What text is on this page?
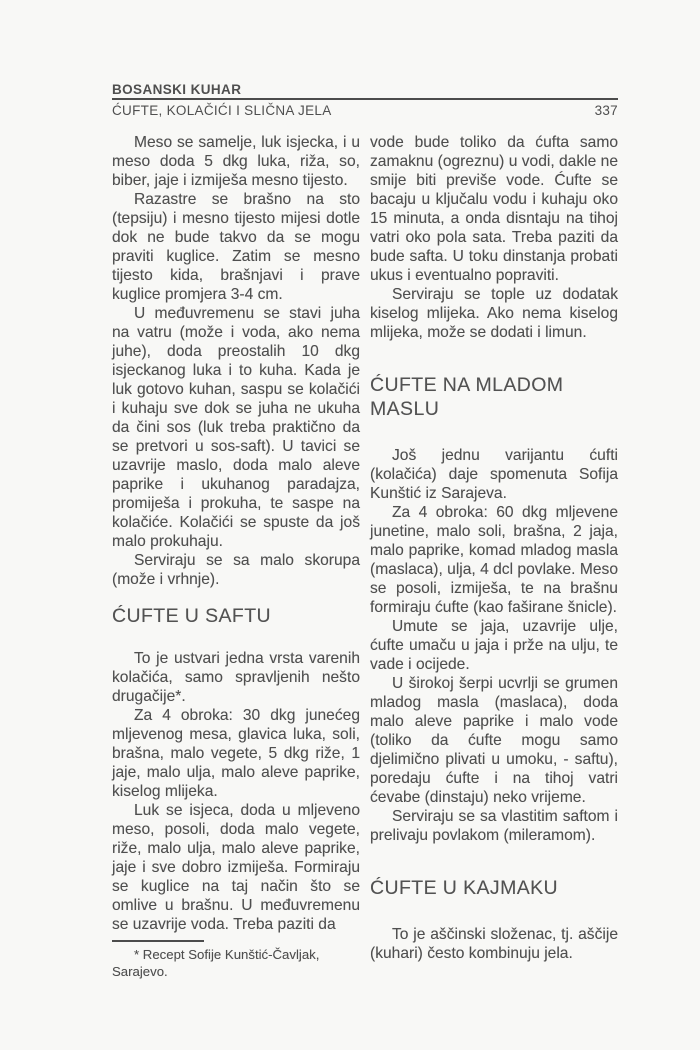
BOSANSKI KUHAR
ĆUFTE, KOLAČIĆI I SLIČNA JELA	337

Meso se samelje, luk isjecka, i u meso doda 5 dkg luka, riža, so, biber, jaje i izmiješa mesno tijesto.

Razastre se brašno na sto (tepsiju) i mesno tijesto mijesi dotle dok ne bude takvo da se mogu praviti kuglice. Zatim se mesno tijesto kida, brašnjavi i prave kuglice promjera 3-4 cm.

U međuvremenu se stavi juha na vatru (može i voda, ako nema juhe), doda preostalih 10 dkg isjeckanog luka i to kuha. Kada je luk gotovo kuhan, saspu se kolačići i kuhaju sve dok se juha ne ukuha da čini sos (luk treba praktično da se pretvori u sos-saft). U tavici se uzavrije maslo, doda malo aleve paprike i ukuhanog paradajza, promiješa i prokuha, te saspe na kolačiće. Kolačići se spuste da još malo prokuhaju.

Serviraju se sa malo skorupa (može i vrhnje).

ĆUFTE U SAFTU

To je ustvari jedna vrsta varenih kolačića, samo spravljenih nešto drugačije*.

Za 4 obroka: 30 dkg junećeg mljevenog mesa, glavica luka, soli, brašna, malo vegete, 5 dkg riže, 1 jaje, malo ulja, malo aleve paprike, kiselog mlijeka.

Luk se isjeca, doda u mljeveno meso, posoli, doda malo vegete, riže, malo ulja, malo aleve paprike, jaje i sve dobro izmiješa. Formiraju se kuglice na taj način što se omlive u brašnu. U međuvremenu se uzavrije voda. Treba paziti da

* Recept Sofije Kunštić-Čavljak, Sarajevo.

vode bude toliko da ćufta samo zamaknu (ogreznu) u vodi, dakle ne smije biti previše vode. Ćufte se bacaju u ključalu vodu i kuhaju oko 15 minuta, a onda disntaju na tihoj vatri oko pola sata. Treba paziti da bude safta. U toku dinstanja probati ukus i eventualno popraviti.

Serviraju se tople uz dodatak kiselog mlijeka. Ako nema kiselog mlijeka, može se dodati i limun.

ĆUFTE NA MLADOM MASLU

Još jednu varijantu ćufti (kolačića) daje spomenuta Sofija Kunštić iz Sarajeva.

Za 4 obroka: 60 dkg mljevene junetine, malo soli, brašna, 2 jaja, malo paprike, komad mladog masla (maslaca), ulja, 4 dcl povlake. Meso se posoli, izmiješa, te na brašnu formiraju ćufte (kao faširane šnicle).

Umute se jaja, uzavrije ulje, ćufte umaču u jaja i prže na ulju, te vade i ocijede.

U širokoj šerpi ucvrlji se grumen mladog masla (maslaca), doda malo aleve paprike i malo vode (toliko da ćufte mogu samo djelimično plivati u umoku, - saftu), poredaju ćufte i na tihoj vatri ćevabe (dinstaju) neko vrijeme.

Serviraju se sa vlastitim saftom i prelivaju povlakom (mileramom).

ĆUFTE U KAJMAKU

To je aščinski složenac, tj. aščije (kuhari) često kombinuju jela.
